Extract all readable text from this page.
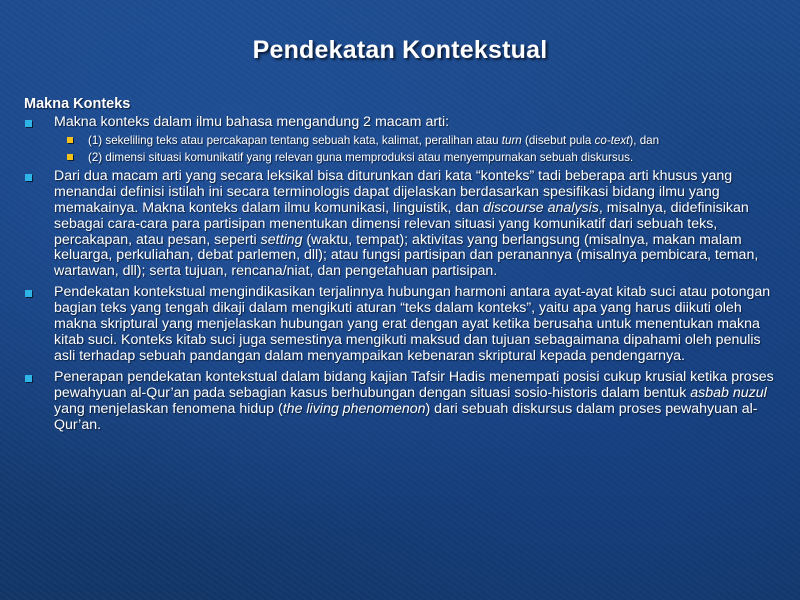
Pendekatan Kontekstual
Makna Konteks
Makna konteks dalam ilmu bahasa mengandung 2 macam arti:
(1) sekeliling teks atau percakapan tentang sebuah kata, kalimat, peralihan atau turn (disebut pula co-text), dan
(2) dimensi situasi komunikatif yang relevan guna memproduksi atau menyempurnakan sebuah diskursus.
Dari dua macam arti yang secara leksikal bisa diturunkan dari kata “konteks” tadi beberapa arti khusus yang menandai definisi istilah ini secara terminologis dapat dijelaskan berdasarkan spesifikasi bidang ilmu yang memakainya. Makna konteks dalam ilmu komunikasi, linguistik, dan discourse analysis, misalnya, didefinisikan sebagai cara-cara para partisipan menentukan dimensi relevan situasi yang komunikatif dari sebuah teks, percakapan, atau pesan, seperti setting (waktu, tempat); aktivitas yang berlangsung (misalnya, makan malam keluarga, perkuliahan, debat parlemen, dll); atau fungsi partisipan dan peranannya (misalnya pembicara, teman, wartawan, dll); serta tujuan, rencana/niat, dan pengetahuan partisipan.
Pendekatan kontekstual mengindikasikan terjalinnya hubungan harmoni antara ayat-ayat kitab suci atau potongan bagian teks yang tengah dikaji dalam mengikuti aturan “teks dalam konteks”, yaitu apa yang harus diikuti oleh makna skriptural yang menjelaskan hubungan yang erat dengan ayat ketika berusaha untuk menentukan makna kitab suci. Konteks kitab suci juga semestinya mengikuti maksud dan tujuan sebagaimana dipahami oleh penulis asli terhadap sebuah pandangan dalam menyampaikan kebenaran skriptural kepada pendengarnya.
Penerapan pendekatan kontekstual dalam bidang kajian Tafsir Hadis menempati posisi cukup krusial ketika proses pewahyuan al-Qur’an pada sebagian kasus berhubungan dengan situasi sosio-historis dalam bentuk asbab nuzul yang menjelaskan fenomena hidup (the living phenomenon) dari sebuah diskursus dalam proses pewahyuan al-Qur’an.
